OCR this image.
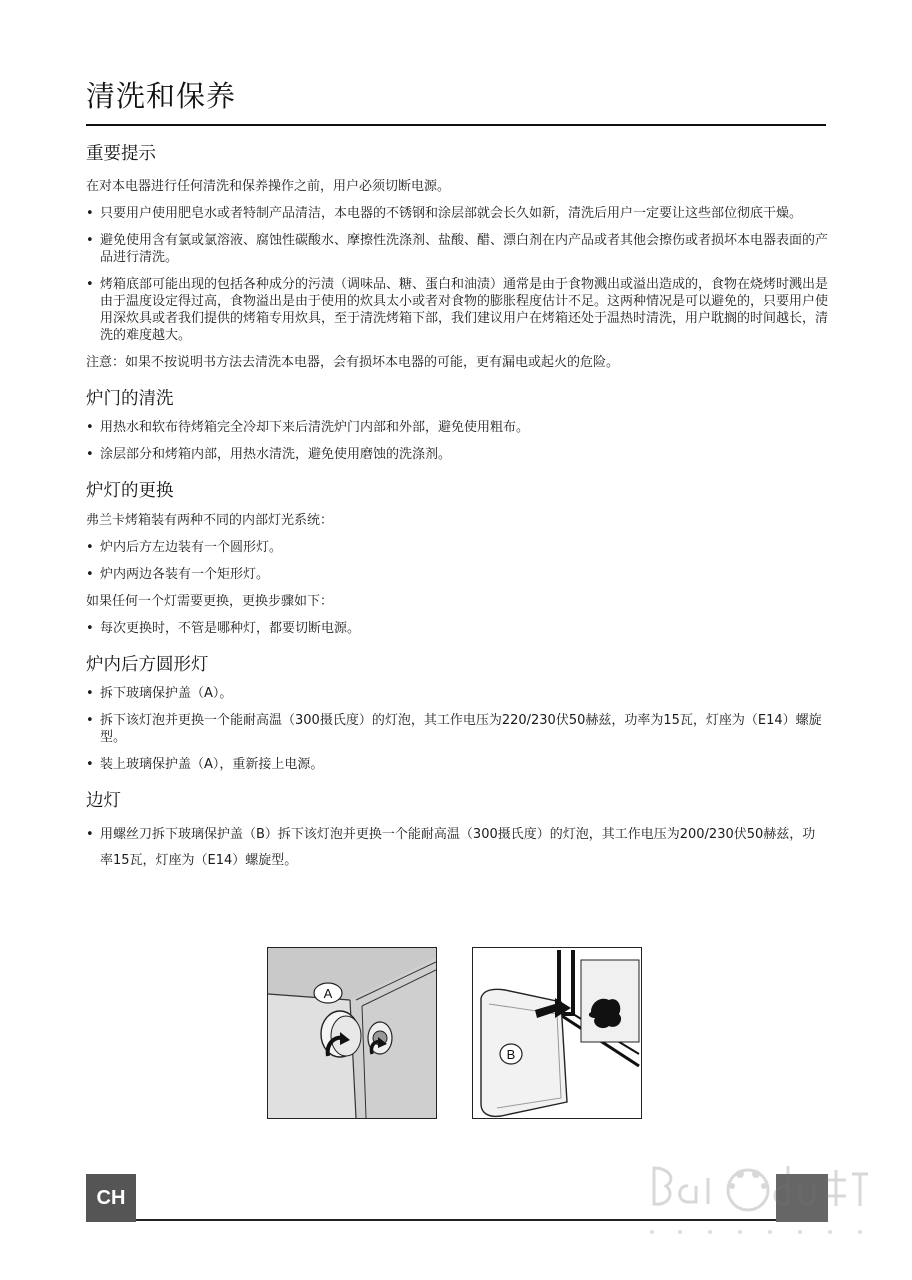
清洗和保养
重要提示
在对本电器进行任何清洗和保养操作之前，用户必须切断电源。
• 只要用户使用肥皂水或者特制产品清洁，本电器的不锈钢和涂层部就会长久如新，清洗后用户一定要让这些部位彻底干燥。
• 避免使用含有氯或氯溶液、腐蚀性碳酸水、摩擦性洗涤剂、盐酸、醋、漂白剂在内产品或者其他会擦伤或者损坏本电器表面的产品进行清洗。
• 烤箱底部可能出现的包括各种成分的污渍（调味品、糖、蛋白和油渍）通常是由于食物溅出或溢出造成的，食物在烧烤时溅出是由于温度设定得过高，食物溢出是由于使用的炊具太小或者对食物的膨胀程度估计不足。这两种情况是可以避免的，只要用户使用深炊具或者我们提供的烤箱专用炊具，至于清洗烤箱下部，我们建议用户在烤箱还处于温热时清洗，用户耽搁的时间越长，清洗的难度越大。
注意：如果不按说明书方法去清洗本电器，会有损坏本电器的可能，更有漏电或起火的危险。
炉门的清洗
• 用热水和软布待烤箱完全冷却下来后清洗炉门内部和外部，避免使用粗布。
• 涂层部分和烤箱内部，用热水清洗，避免使用磨蚀的洗涤剂。
炉灯的更换
弗兰卡烤箱装有两种不同的内部灯光系统：
• 炉内后方左边装有一个圆形灯。
• 炉内两边各装有一个矩形灯。
如果任何一个灯需要更换，更换步骤如下：
• 每次更换时，不管是哪种灯，都要切断电源。
炉内后方圆形灯
• 拆下玻璃保护盖（A）。
• 拆下该灯泡并更换一个能耐高温（300摄氏度）的灯泡，其工作电压为220/230伏50赫兹，功率为15瓦，灯座为（E14）螺旋型。
• 装上玻璃保护盖（A），重新接上电源。
边灯
• 用螺丝刀拆下玻璃保护盖（B）拆下该灯泡并更换一个能耐高温（300摄氏度）的灯泡，其工作电压为200/230伏50赫兹，功率15瓦，灯座为（E14）螺旋型。
A
B
CH
